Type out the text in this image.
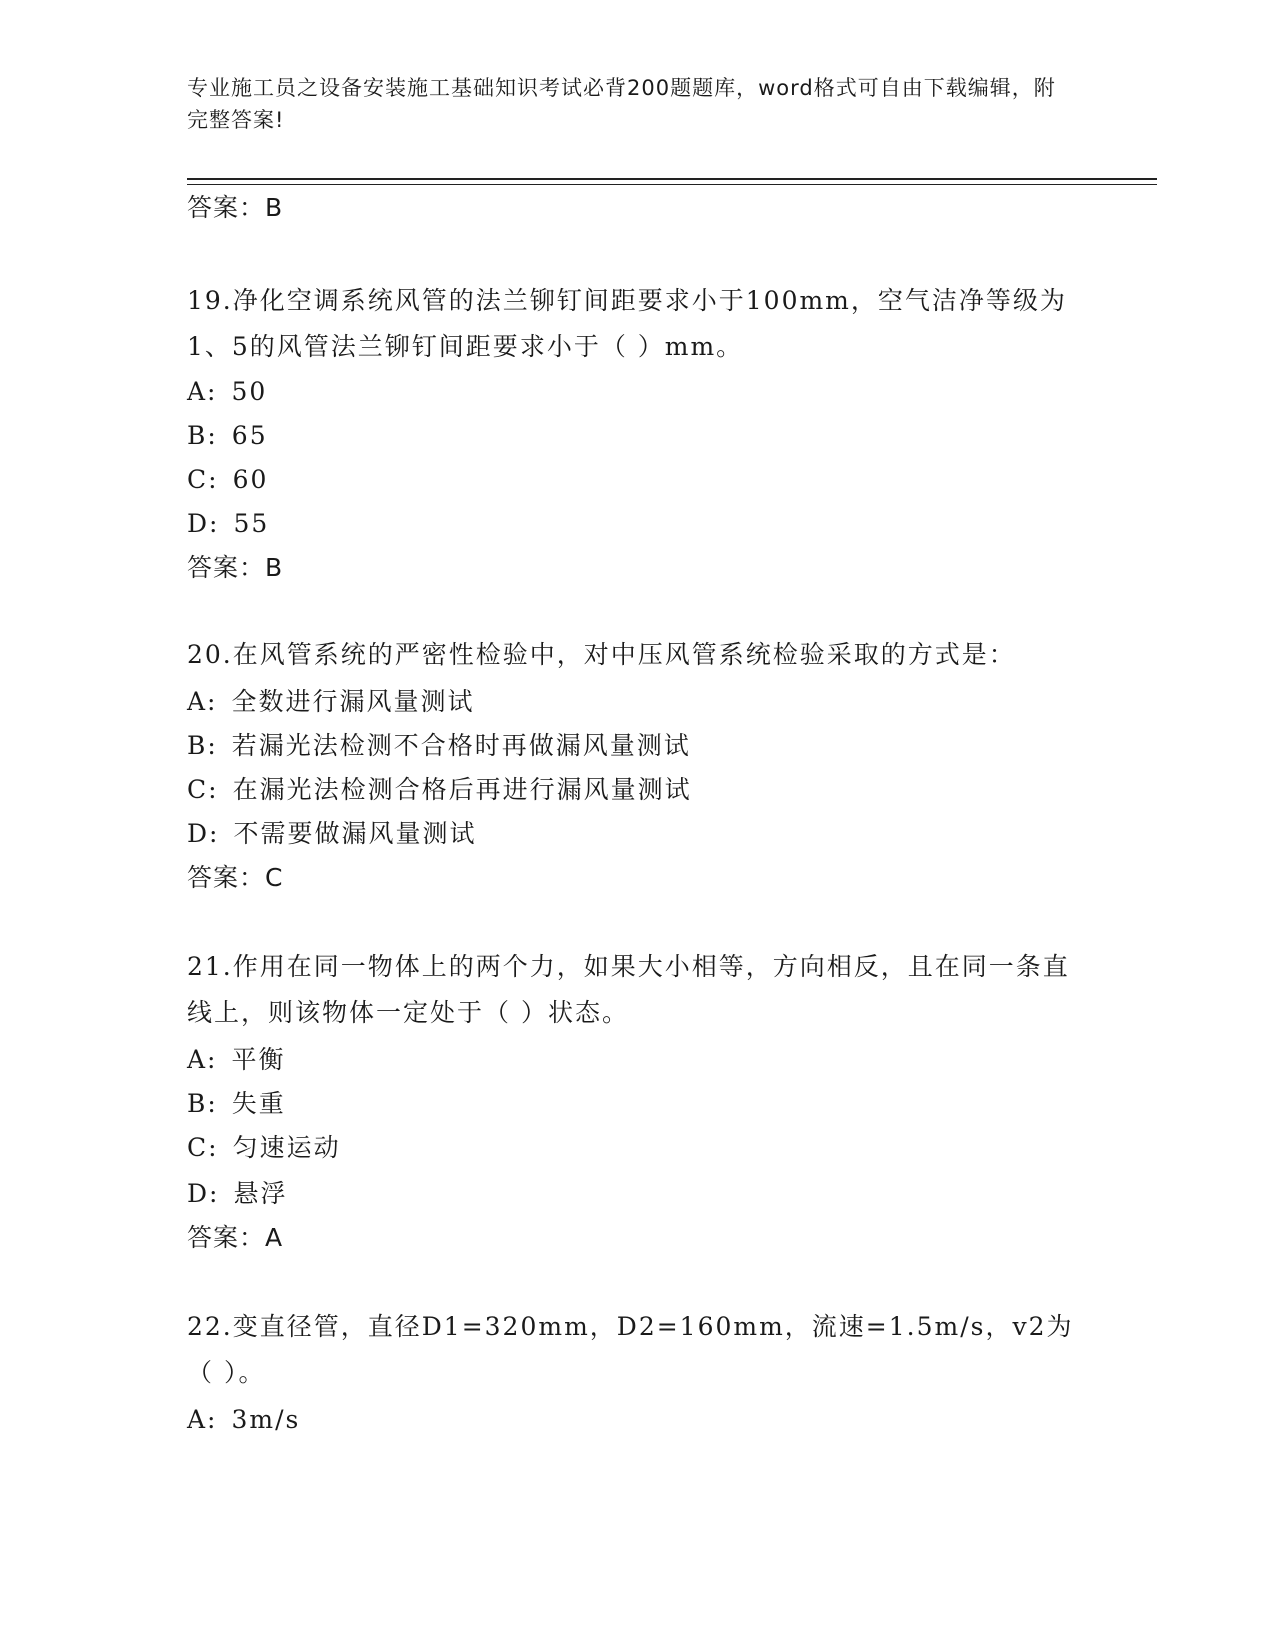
专业施工员之设备安装施工基础知识考试必背200题题库，word格式可自由下载编辑，附完整答案!
答案：B
19.净化空调系统风管的法兰铆钉间距要求小于100mm，空气洁净等级为1、5的风管法兰铆钉间距要求小于（ ）mm。
A: 50
B: 65
C: 60
D: 55
答案：B
20.在风管系统的严密性检验中，对中压风管系统检验采取的方式是：
A: 全数进行漏风量测试
B: 若漏光法检测不合格时再做漏风量测试
C: 在漏光法检测合格后再进行漏风量测试
D: 不需要做漏风量测试
答案：C
21.作用在同一物体上的两个力，如果大小相等，方向相反，且在同一条直线上，则该物体一定处于（ ）状态。
A: 平衡
B: 失重
C: 匀速运动
D: 悬浮
答案：A
22.变直径管，直径D1=320mm，D2=160mm，流速=1.5m/s，v2为（ ）。
A: 3m/s
